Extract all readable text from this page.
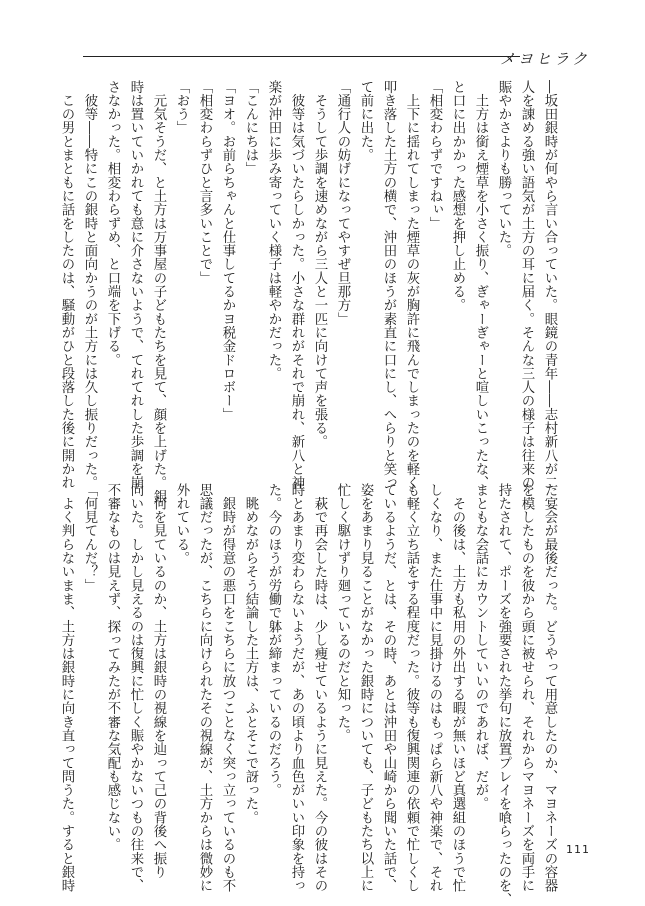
メヨヒラク
―坂田銀時が何やら言い合っていた。眼鏡の青年――志村新八が二
人を諌める強い語気が土方の耳に届く。そんな三人の様子は往来の
賑やかさよりも勝っていた。
　土方は銜え煙草を小さく振り、ぎゃーぎゃーと喧しいこったな、
と口に出かかった感想を押し止める。
「相変わらずですねぃ」
　上下に揺れてしまった煙草の灰が胸許に飛んでしまったのを軽く
叩き落した土方の横で、沖田のほうが素直に口にし、へらりと笑っ
て前に出た。
「通行人の妨げになってやすぜ旦那方」
　そうして歩調を速めながら三人と一匹に向けて声を張る。
　彼等は気づいたらしかった。小さな群れがそれで崩れ、新八と神
楽が沖田に歩み寄っていく様子は軽やかだった。
「こんにちは」
「ヨオ。お前らちゃんと仕事してるかヨ税金ドロボー」
「相変わらずひと言多いことで」
「おう」
　元気そうだ、と土方は万事屋の子どもたちを見て、顔を上げた。銀
時は置いていかれても意に介さないようで、てれてれした歩調を崩
さなかった。相変わらずめ、と口端を下げる。
　彼等――特にこの銀時と面向かうのが土方には久し振りだった。
　この男とまともに話をしたのは、騒動がひと段落した後に開かれ
た宴会が最後だった。どうやって用意したのか、マヨネーズの容器
を模したものを彼から頭に被せられ、それからマヨネーズを両手に
持たされて、ポーズを強要された挙句に放置プレイを喰らったのを、
まともな会話にカウントしていいのであれば、だが。
　その後は、土方も私用の外出する暇が無いほど真選組のほうで忙
しくなり、また仕事中に見掛けるのはもっぱら新八や神楽で、それ
も軽く立ち話をする程度だった。彼等も復興関連の依頼で忙しくし
ているようだ、とは、その時、あとは沖田や山崎から聞いた話で、
姿をあまり見ることがなかった銀時についても、子どもたち以上に
忙しく駆けずり廻っているのだと知った。
　萩で再会した時は、少し痩せているように見えた。今の彼はその
時とあまり変わらないようだが、あの頃より血色がいい印象を持っ
た。今のほうが労働で躰が締まっているのだろう。
　眺めながらそう結論した土方は、ふとそこで訝った。
　銀時が得意の悪口をこちらに放つことなく突っ立っているのも不
思議だったが、こちらに向けられたその視線が、土方からは微妙に
外れている。
　何を見ているのか、土方は銀時の視線を辿って己の背後へ振り
向いた。しかし見えるのは復興に忙しく賑やかないつもの往来で、
不審なものは見えず、探ってみたが不審な気配も感じない。
「何見てんだ？」
　よく判らないまま、土方は銀時に向き直って問うた。すると銀時	111
